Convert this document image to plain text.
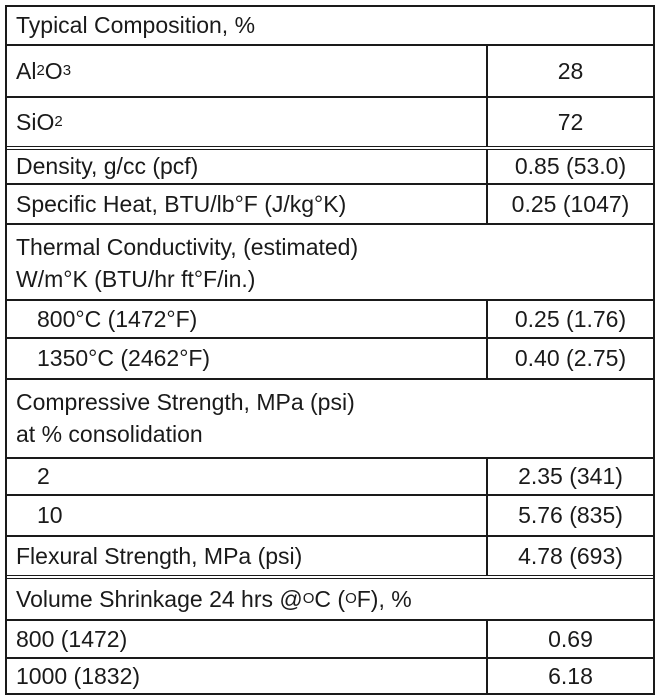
Typical Composition, %
Al 2 O 3	28
SiO 2	72
Density, g/cc (pcf)	0.85 (53.0)
Specific Heat, BTU/lb°F (J/kg°K)	0.25 (1047)
Thermal Conductivity, (estimated)
W/m°K (BTU/hr ft°F/in.)
800°C (1472°F)	0.25 (1.76)
1350°C (2462°F)	0.40 (2.75)
Compressive Strength, MPa (psi)
at % consolidation
2	2.35 (341)
10	5.76 (835)
Flexural Strength, MPa (psi)	4.78 (693)
Volume Shrinkage 24 hrs @ O C ( O F), %
800 (1472)	0.69
1000 (1832)	6.18
